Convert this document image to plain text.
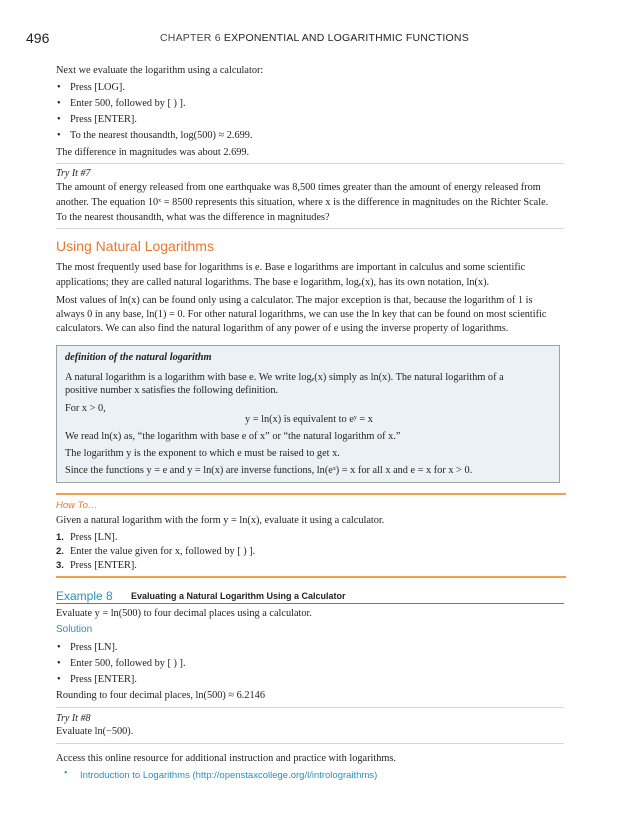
496	CHAPTER 6 EXPONENTIAL AND LOGARITHMIC FUNCTIONS
Next we evaluate the logarithm using a calculator:
• Press [LOG].
• Enter 500, followed by [ ) ].
• Press [ENTER].
• To the nearest thousandth, log(500) ≈ 2.699.
The difference in magnitudes was about 2.699.
Try It #7
The amount of energy released from one earthquake was 8,500 times greater than the amount of energy released from
another. The equation 10ˣ = 8500 represents this situation, where x is the difference in magnitudes on the Richter Scale.
To the nearest thousandth, what was the difference in magnitudes?
Using Natural Logarithms
The most frequently used base for logarithms is e. Base e logarithms are important in calculus and some scientific
applications; they are called natural logarithms. The base e logarithm, logₑ(x), has its own notation, ln(x).
Most values of ln(x) can be found only using a calculator. The major exception is that, because the logarithm of 1 is
always 0 in any base, ln(1) = 0. For other natural logarithms, we can use the ln key that can be found on most scientific
calculators. We can also find the natural logarithm of any power of e using the inverse property of logarithms.
definition of the natural logarithm
A natural logarithm is a logarithm with base e. We write logₑ(x) simply as ln(x). The natural logarithm of a
positive number x satisfies the following definition.
For x > 0,
y = ln(x) is equivalent to eʸ = x
We read ln(x) as, “the logarithm with base e of x” or “the natural logarithm of x.”
The logarithm y is the exponent to which e must be raised to get x.
Since the functions y = e and y = ln(x) are inverse functions, ln(eˣ) = x for all x and e = x for x > 0.
How To…
Given a natural logarithm with the form y = ln(x), evaluate it using a calculator.
1. Press [LN].
2. Enter the value given for x, followed by [ ) ].
3. Press [ENTER].
Example 8 Evaluating a Natural Logarithm Using a Calculator
Evaluate y = ln(500) to four decimal places using a calculator.
Solution
• Press [LN].
• Enter 500, followed by [ ) ].
• Press [ENTER].
Rounding to four decimal places, ln(500) ≈ 6.2146
Try It #8
Evaluate ln(−500).
Access this online resource for additional instruction and practice with logarithms.
• Introduction to Logarithms (http://openstaxcollege.org/l/introlograithms)
